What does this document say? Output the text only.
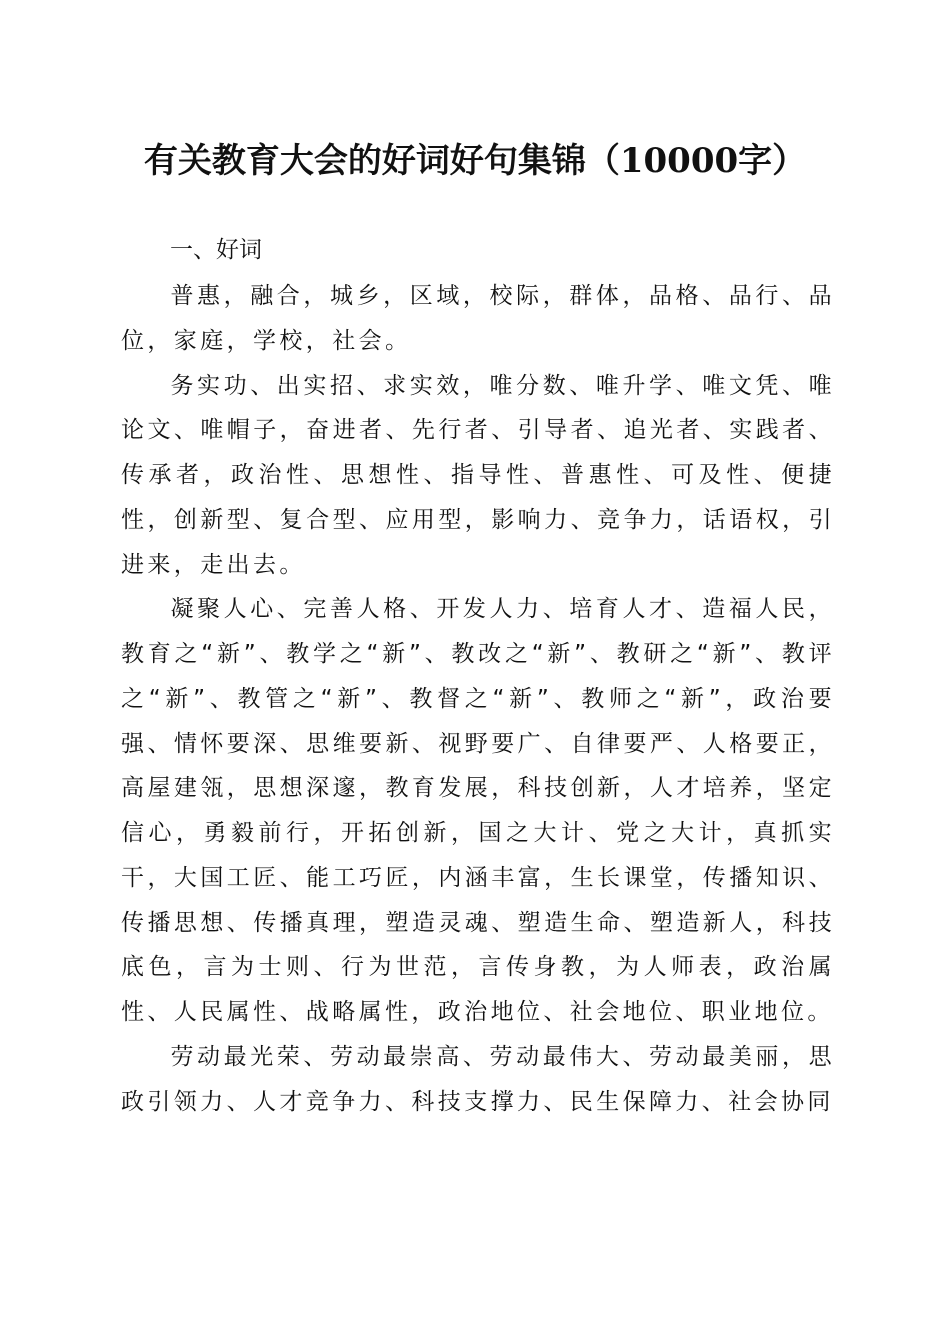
有关教育大会的好词好句集锦（10000字）
一、好词

普惠，融合，城乡，区域，校际，群体，品格、品行、品位，家庭，学校，社会。

务实功、出实招、求实效，唯分数、唯升学、唯文凭、唯论文、唯帽子，奋进者、先行者、引导者、追光者、实践者、传承者，政治性、思想性、指导性、普惠性、可及性、便捷性，创新型、复合型、应用型，影响力、竞争力，话语权，引进来，走出去。

凝聚人心、完善人格、开发人力、培育人才、造福人民，教育之“新”、教学之“新”、教改之“新”、教研之“新”、教评之“新”、教管之“新”、教督之“新”、教师之“新”，政治要强、情怀要深、思维要新、视野要广、自律要严、人格要正，高屋建瓴，思想深邃，教育发展，科技创新，人才培养，坚定信心，勇毅前行，开拓创新，国之大计、党之大计，真抓实干，大国工匠、能工巧匠，内涵丰富，生长课堂，传播知识、传播思想、传播真理，塑造灵魂、塑造生命、塑造新人，科技底色，言为士则、行为世范，言传身教，为人师表，政治属性、人民属性、战略属性，政治地位、社会地位、职业地位。

劳动最光荣、劳动最崇高、劳动最伟大、劳动最美丽，思政引领力、人才竞争力、科技支撑力、民生保障力、社会协同
